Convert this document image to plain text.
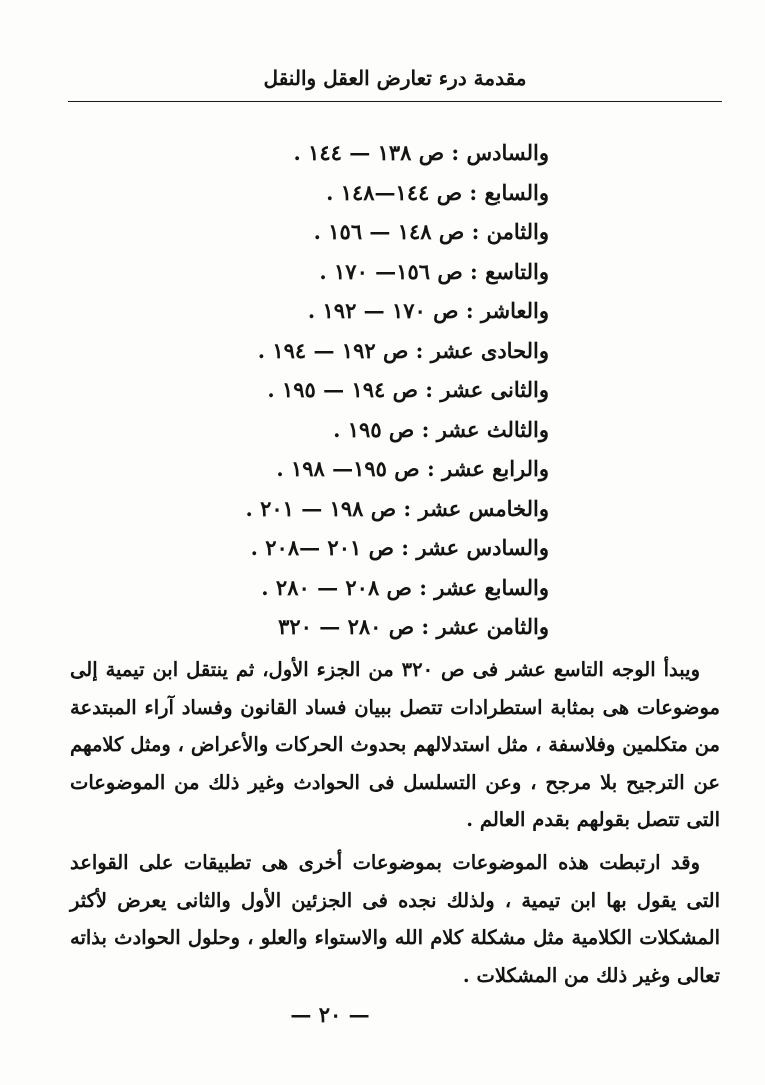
مقدمة درء تعارض العقل والنقل
والسادس : ص ١٣٨ — ١٤٤ .
والسابع : ص ١٤٤—١٤٨ .
والثامن : ص ١٤٨ — ١٥٦ .
والتاسع : ص ١٥٦— ١٧٠ .
والعاشر : ص ١٧٠ — ١٩٢ .
والحادى عشر : ص ١٩٢ — ١٩٤ .
والثانى عشر : ص ١٩٤ — ١٩٥ .
والثالث عشر : ص ١٩٥ .
والرابع عشر : ص ١٩٥— ١٩٨ .
والخامس عشر : ص ١٩٨ — ٢٠١ .
والسادس عشر : ص ٢٠١ —٢٠٨ .
والسابع عشر : ص ٢٠٨ — ٢٨٠ .
والثامن عشر : ص ٢٨٠ — ٣٢٠

ويبدأ الوجه التاسع عشر فى ص ٣٢٠ من الجزء الأول، ثم ينتقل ابن تيمية إلى موضوعات هى بمثابة استطرادات تتصل ببيان فساد القانون وفساد آراء المبتدعة من متكلمين وفلاسفة ، مثل استدلالهم بحدوث الحركات والأعراض ، ومثل كلامهم عن الترجيح بلا مرجح ، وعن التسلسل فى الحوادث وغير ذلك من الموضوعات التى تتصل بقولهم بقدم العالم .

وقد ارتبطت هذه الموضوعات بموضوعات أخرى هى تطبيقات على القواعد التى يقول بها ابن تيمية ، ولذلك نجده فى الجزئين الأول والثانى يعرض لأكثر المشكلات الكلامية مثل مشكلة كلام الله والاستواء والعلو ، وحلول الحوادث بذاته تعالى وغير ذلك من المشكلات .

— ٢٠ —
